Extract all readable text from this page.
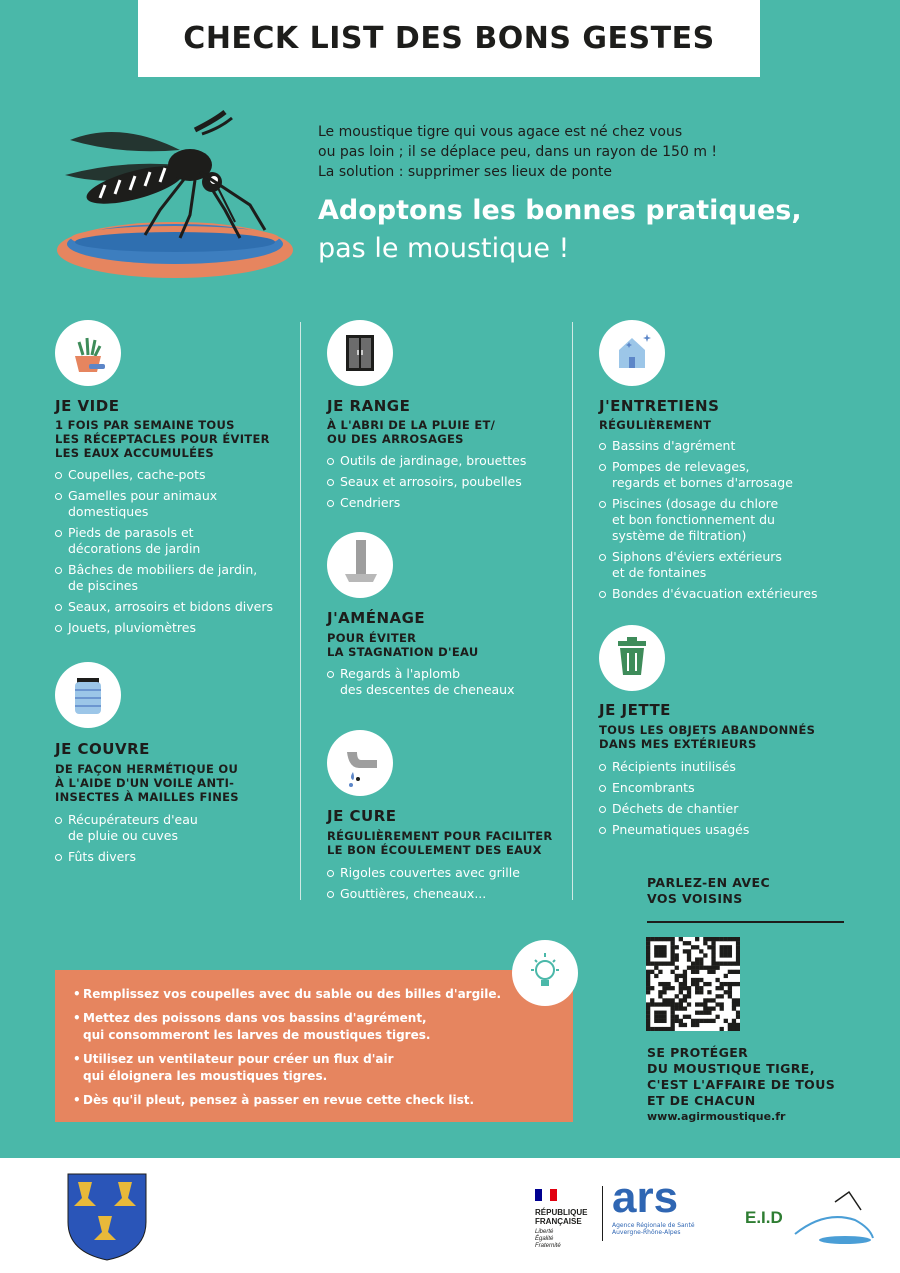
CHECK LIST DES BONS GESTES
Le moustique tigre qui vous agace est né chez vous
ou pas loin ; il se déplace peu, dans un rayon de 150 m !
La solution : supprimer ses lieux de ponte
Adoptons les bonnes pratiques,
pas le moustique !
JE VIDE
1 FOIS PAR SEMAINE TOUS
LES RÉCEPTACLES POUR ÉVITER
LES EAUX ACCUMULÉES
Coupelles, cache-pots
Gamelles pour animaux
domestiques
Pieds de parasols et
décorations de jardin
Bâches de mobiliers de jardin,
de piscines
Seaux, arrosoirs et bidons divers
Jouets, pluviomètres
JE COUVRE
DE FAÇON HERMÉTIQUE OU
À L'AIDE D'UN VOILE ANTI-
INSECTES À MAILLES FINES
Récupérateurs d'eau
de pluie ou cuves
Fûts divers
JE RANGE
À L'ABRI DE LA PLUIE ET/
OU DES ARROSAGES
Outils de jardinage, brouettes
Seaux et arrosoirs, poubelles
Cendriers
J'AMÉNAGE
POUR ÉVITER
LA STAGNATION D'EAU
Regards à l'aplomb
des descentes de cheneaux
JE CURE
RÉGULIÈREMENT POUR FACILITER
LE BON ÉCOULEMENT DES EAUX
Rigoles couvertes avec grille
Gouttières, cheneaux...
J'ENTRETIENS
RÉGULIÈREMENT
Bassins d'agrément
Pompes de relevages,
regards et bornes d'arrosage
Piscines (dosage du chlore
et bon fonctionnement du
système de filtration)
Siphons d'éviers extérieurs
et de fontaines
Bondes d'évacuation extérieures
JE JETTE
TOUS LES OBJETS ABANDONNÉS
DANS MES EXTÉRIEURS
Récipients inutilisés
Encombrants
Déchets de chantier
Pneumatiques usagés
• Remplissez vos coupelles avec du sable ou des billes d'argile.
• Mettez des poissons dans vos bassins d'agrément,
qui consommeront les larves de moustiques tigres.
• Utilisez un ventilateur pour créer un flux d'air
qui éloignera les moustiques tigres.
• Dès qu'il pleut, pensez à passer en revue cette check list.
PARLEZ-EN AVEC
VOS VOISINS
SE PROTÉGER
DU MOUSTIQUE TIGRE,
C'EST L'AFFAIRE DE TOUS
ET DE CHACUN
www.agirmoustique.fr
RÉPUBLIQUE
FRANÇAISE
Liberté
Égalité
Fraternité
ars
Agence Régionale de Santé
Auvergne-Rhône-Alpes
E.I.D
